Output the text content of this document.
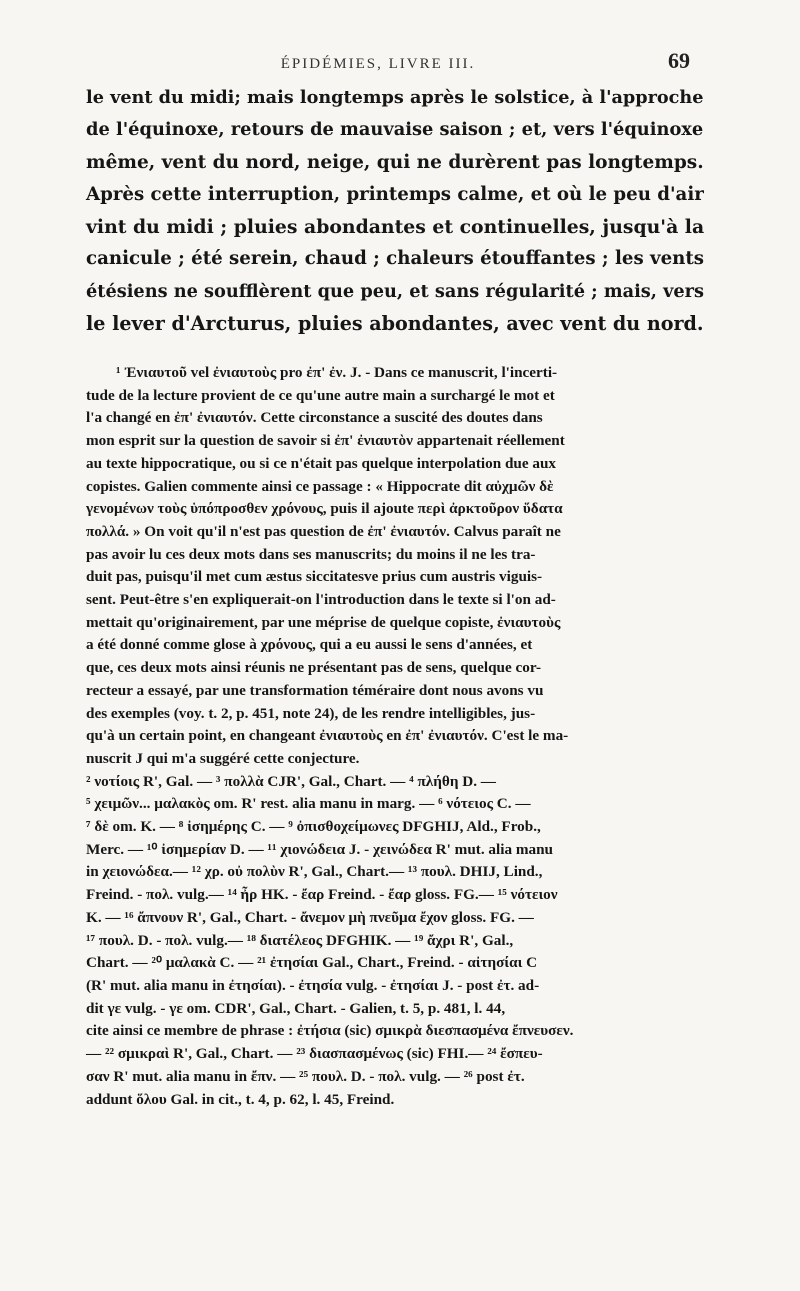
ÉPIDÉMIES, LIVRE III.	69
le vent du midi; mais longtemps après le solstice, à l'approche
de l'équinoxe, retours de mauvaise saison ; et, vers l'équinoxe
même, vent du nord, neige, qui ne durèrent pas longtemps.
Après cette interruption, printemps calme, et où le peu d'air
vint du midi ; pluies abondantes et continuelles, jusqu'à la
canicule ; été serein, chaud ; chaleurs étouffantes ; les vents
étésiens ne soufflèrent que peu, et sans régularité ; mais, vers
le lever d'Arcturus, pluies abondantes, avec vent du nord.
¹ Ἐνιαυτοῦ vel ἐνιαυτοὺς pro ἐπ' ἐν. J. - Dans ce manuscrit, l'incerti-
tude de la lecture provient de ce qu'une autre main a surchargé le mot et
l'a changé en ἐπ' ἐνιαυτόν. Cette circonstance a suscité des doutes dans
mon esprit sur la question de savoir si ἐπ' ἐνιαυτὸν appartenait réellement
au texte hippocratique, ou si ce n'était pas quelque interpolation due aux
copistes. Galien commente ainsi ce passage : « Hippocrate dit αὐχμῶν δὲ
γενομένων τοὺς ὑπόπροσθεν χρόνους, puis il ajoute περὶ ἀρκτοῦρον ὕδατα
πολλά. » On voit qu'il n'est pas question de ἐπ' ἐνιαυτόν. Calvus paraît ne
pas avoir lu ces deux mots dans ses manuscrits; du moins il ne les tra-
duit pas, puisqu'il met cum æstus siccitatesve prius cum austris viguis-
sent. Peut-être s'en expliquerait-on l'introduction dans le texte si l'on ad-
mettait qu'originairement, par une méprise de quelque copiste, ἐνιαυτοὺς
a été donné comme glose à χρόνους, qui a eu aussi le sens d'années, et
que, ces deux mots ainsi réunis ne présentant pas de sens, quelque cor-
recteur a essayé, par une transformation téméraire dont nous avons vu
des exemples (voy. t. 2, p. 451, note 24), de les rendre intelligibles, jus-
qu'à un certain point, en changeant ἐνιαυτοὺς en ἐπ' ἐνιαυτόν. C'est le ma-
nuscrit J qui m'a suggéré cette conjecture.
² νοτίοις R', Gal. — ³ πολλὰ CJR', Gal., Chart. — ⁴ πλήθη D. —
⁵ χειμῶν... μαλακὸς om. R' rest. alia manu in marg. — ⁶ νότειος C. —
⁷ δὲ om. K. — ⁸ ἰσημέρης C. — ⁹ ὀπισθοχείμωνες DFGHIJ, Ald., Frob.,
Merc. — ¹⁰ ἰσημερίαν D. — ¹¹ χιονώδεια J. - χεινώδεα R' mut. alia manu
in χειονώδεα.— ¹² χρ. οὐ πολὺν R', Gal., Chart.— ¹³ πουλ. DHIJ, Lind.,
Freind. - πολ. vulg.— ¹⁴ ἦρ HK. - ἔαρ Freind. - ἔαρ gloss. FG.— ¹⁵ νότειον
K. — ¹⁶ ἄπνουν R', Gal., Chart. - ἄνεμον μὴ πνεῦμα ἔχον gloss. FG. —
¹⁷ πουλ. D. - πολ. vulg.— ¹⁸ διατέλεος DFGHIK. — ¹⁹ ἄχρι R', Gal.,
Chart. — ²⁰ μαλακὰ C. — ²¹ ἐτησίαι Gal., Chart., Freind. - αἰτησίαι C
(R' mut. alia manu in ἐτησίαι). - ἐτησία vulg. - ἐτησίαι J. - post ἐτ. ad-
dit γε vulg. - γε om. CDR', Gal., Chart. - Galien, t. 5, p. 481, l. 44,
cite ainsi ce membre de phrase : ἐτήσια (sic) σμικρὰ διεσπασμένα ἔπνευσεν.
— ²² σμικραὶ R', Gal., Chart. — ²³ διασπασμένως (sic) FHI.— ²⁴ ἔσπευ-
σαν R' mut. alia manu in ἔπν. — ²⁵ πουλ. D. - πολ. vulg. — ²⁶ post ἐτ.
addunt ὅλου Gal. in cit., t. 4, p. 62, l. 45, Freind.
